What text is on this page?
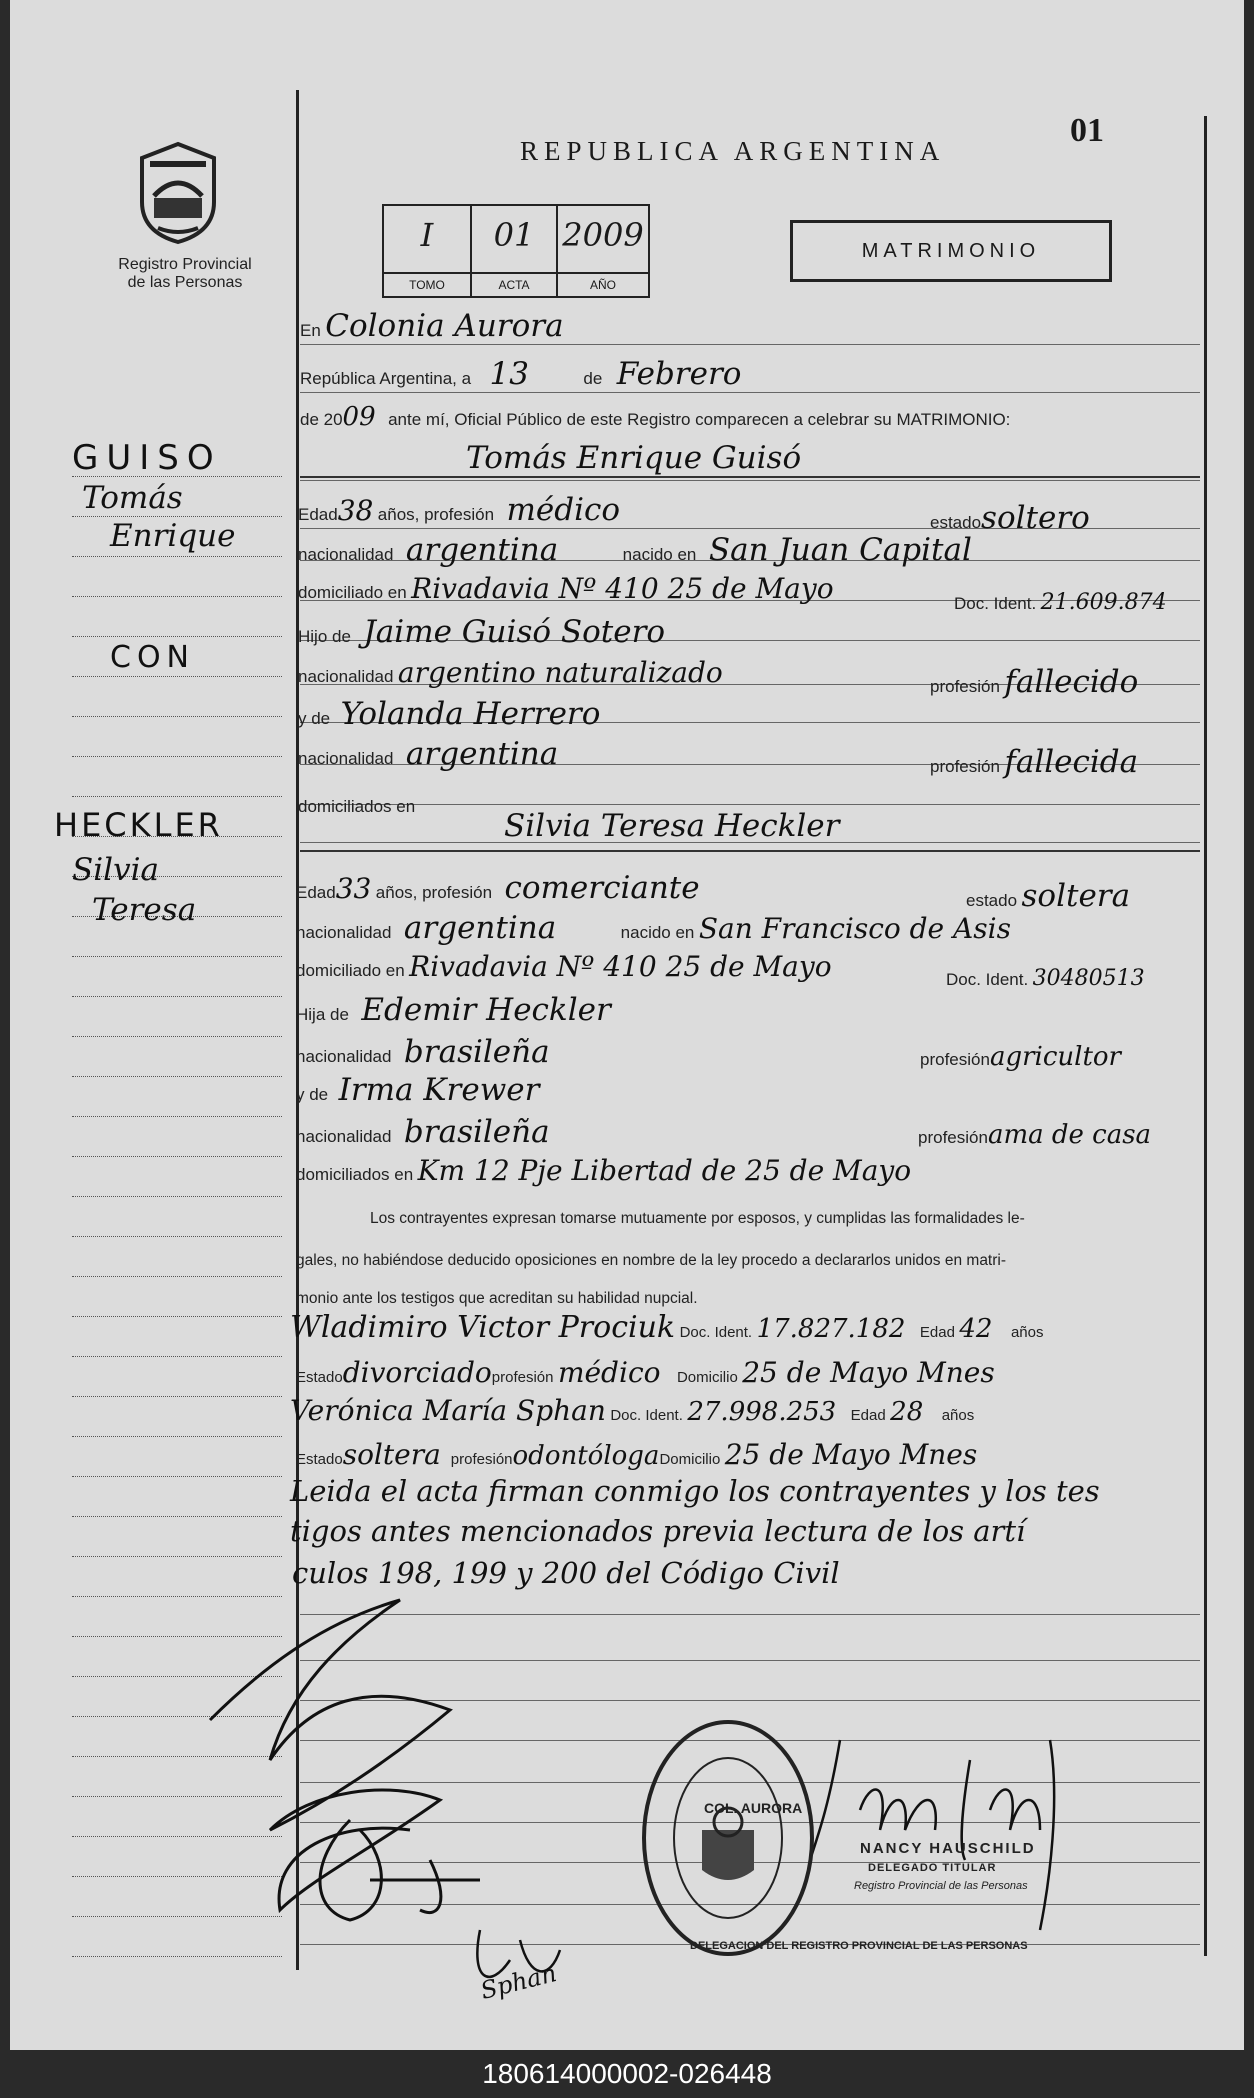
Registro Provincial
de las Personas
REPUBLICA ARGENTINA
01
I
TOMO
01
ACTA
2009
AÑO
MATRIMONIO
GUISO
Tomás
Enrique
CON
HECKLER
Silvia
Teresa
En Colonia Aurora
República Argentina, a 13	de Febrero
de 2009 ante mí, Oficial Público de este Registro comparecen a celebrar su MATRIMONIO:
Tomás Enrique Guisó
Edad38 años, profesión médico	estadosoltero
nacionalidad argentina	nacido en San Juan Capital
domiciliado en Rivadavia Nº 410 25 de Mayo	Doc. Ident. 21.609.874
Hijo de Jaime Guisó Sotero
nacionalidad argentino naturalizado	profesión fallecido
y de Yolanda Herrero
nacionalidad argentina	profesión fallecida
domiciliados en
Silvia Teresa Heckler
Edad33 años, profesión comerciante	estado soltera
nacionalidad argentina	nacido en San Francisco de Asis
domiciliado en Rivadavia Nº 410 25 de Mayo	Doc. Ident. 30480513
Hija de Edemir Heckler
nacionalidad brasileña	profesiónagricultor
y de Irma Krewer
nacionalidad brasileña	profesiónama de casa
domiciliados en Km 12 Pje Libertad de 25 de Mayo
Los contrayentes expresan tomarse mutuamente por esposos, y cumplidas las formalidades le-
gales, no habiéndose deducido oposiciones en nombre de la ley procedo a declararlos unidos en matri-
monio ante los testigos que acreditan su habilidad nupcial.
Wladimiro Victor Prociuk Doc. Ident. 17.827.182 Edad 42 años
Estadodivorciadoprofesión médico Domicilio 25 de Mayo Mnes
Verónica María Sphan Doc. Ident. 27.998.253 Edad 28 años
Estadosoltera profesiónodontólogaDomicilio 25 de Mayo Mnes
Leida el acta firman conmigo los contrayentes y los tes
tigos antes mencionados previa lectura de los artí
culos 198, 199 y 200 del Código Civil
Sphan
DELEGACION DEL REGISTRO PROVINCIAL DE LAS PERSONAS
COL. AURORA
NANCY HAUSCHILD
DELEGADO TITULAR
Registro Provincial de las Personas
180614000002-026448
